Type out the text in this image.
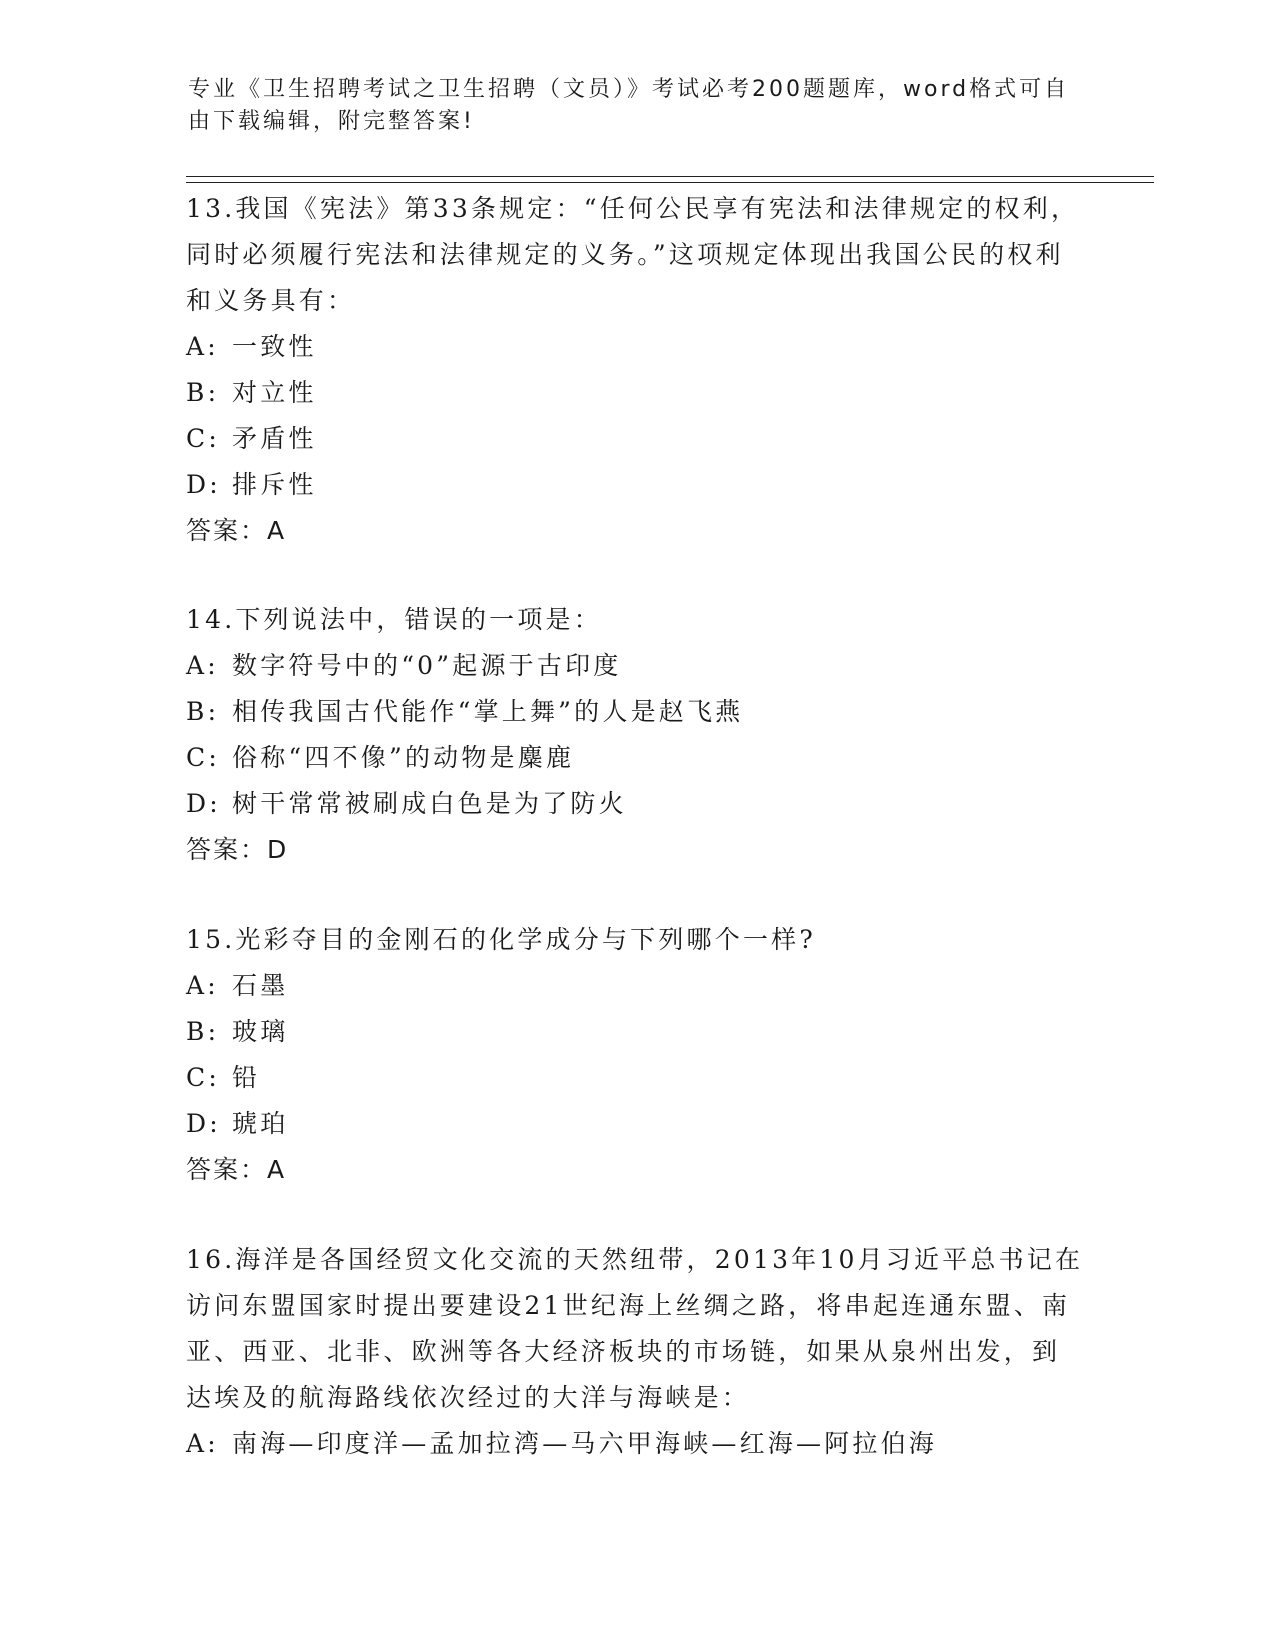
专业《卫生招聘考试之卫生招聘（文员）》考试必考200题题库，word格式可自由下载编辑，附完整答案!

13.我国《宪法》第33条规定：“任何公民享有宪法和法律规定的权利，同时必须履行宪法和法律规定的义务。”这项规定体现出我国公民的权利和义务具有：

A: 一致性

B: 对立性

C: 矛盾性

D: 排斥性

答案：A

14.下列说法中，错误的一项是：

A: 数字符号中的“0”起源于古印度

B: 相传我国古代能作“掌上舞”的人是赵飞燕

C: 俗称“四不像”的动物是麋鹿

D: 树干常常被刷成白色是为了防火

答案：D

15.光彩夺目的金刚石的化学成分与下列哪个一样?

A: 石墨

B: 玻璃

C: 铅

D: 琥珀

答案：A

16.海洋是各国经贸文化交流的天然纽带，2013年10月习近平总书记在访问东盟国家时提出要建设21世纪海上丝绸之路，将串起连通东盟、南亚、西亚、北非、欧洲等各大经济板块的市场链，如果从泉州出发，到达埃及的航海路线依次经过的大洋与海峡是：

A: 南海—印度洋—孟加拉湾—马六甲海峡—红海—阿拉伯海
